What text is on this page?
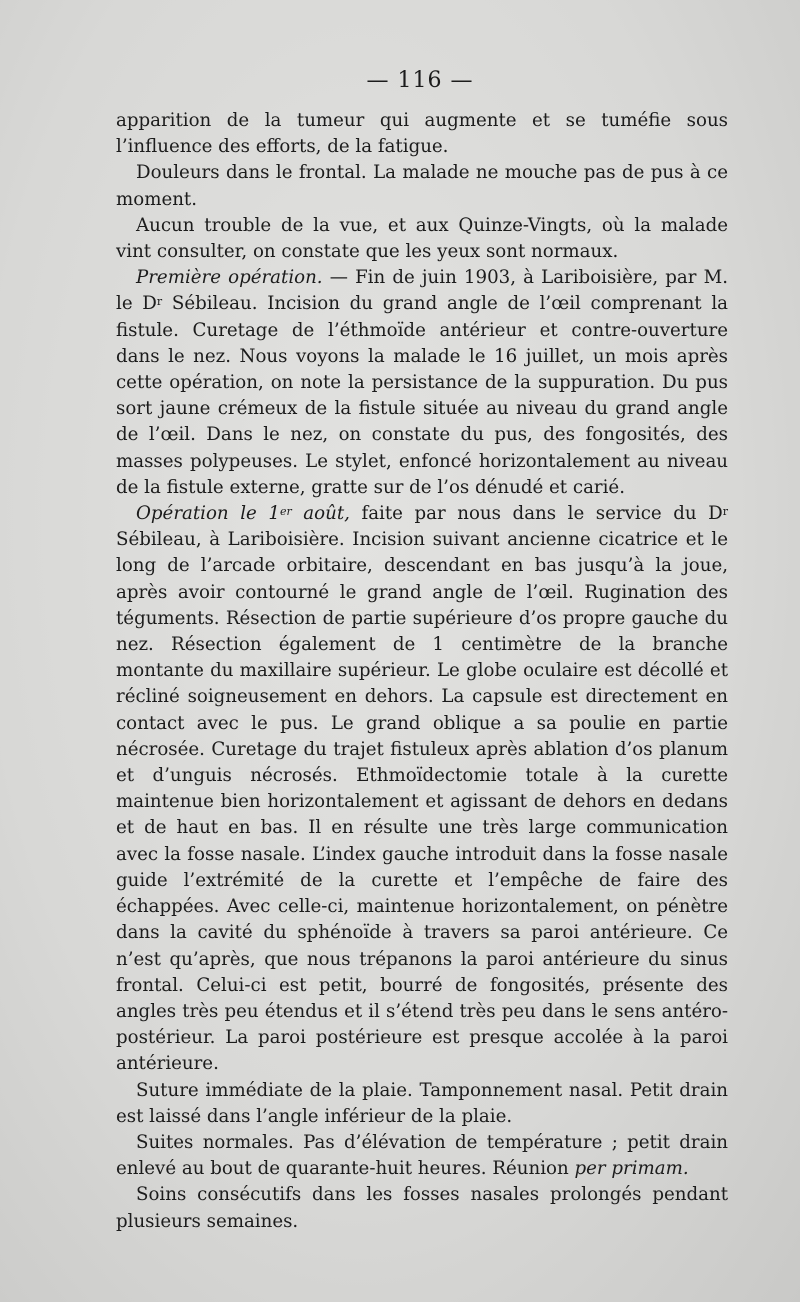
— 116 —

apparition de la tumeur qui augmente et se tuméfie sous l’influence des efforts, de la fatigue.

Douleurs dans le frontal. La malade ne mouche pas de pus à ce moment.

Aucun trouble de la vue, et aux Quinze-Vingts, où la malade vint consulter, on constate que les yeux sont normaux.

Première opération. — Fin de juin 1903, à Lariboisière, par M. le $D^r$ Sébileau. Incision du grand angle de l’œil comprenant la fistule. Curetage de l’éthmoïde antérieur et contre-ouverture dans le nez. Nous voyons la malade le 16 juillet, un mois après cette opération, on note la persistance de la suppuration. Du pus sort jaune crémeux de la fistule située au niveau du grand angle de l’œil. Dans le nez, on constate du pus, des fongosités, des masses polypeuses. Le stylet, enfoncé horizontalement au niveau de la fistule externe, gratte sur de l’os dénudé et carié.

Opération le 1er août, faite par nous dans le service du $D^r$ Sébileau, à Lariboisière. Incision suivant ancienne cicatrice et le long de l’arcade orbitaire, descendant en bas jusqu’à la joue, après avoir contourné le grand angle de l’œil. Rugination des téguments. Résection de partie supérieure d’os propre gauche du nez. Résection également de 1 centimètre de la branche montante du maxillaire supérieur. Le globe oculaire est décollé et récliné soigneusement en dehors. La capsule est directement en contact avec le pus. Le grand oblique a sa poulie en partie nécrosée. Curetage du trajet fistuleux après ablation d’os planum et d’unguis nécrosés. Ethmoïdectomie totale à la curette maintenue bien horizontalement et agissant de dehors en dedans et de haut en bas. Il en résulte une très large communication avec la fosse nasale. L’index gauche introduit dans la fosse nasale guide l’extrémité de la curette et l’empêche de faire des échappées. Avec celle-ci, maintenue horizontalement, on pénètre dans la cavité du sphénoïde à travers sa paroi antérieure. Ce n’est qu’après, que nous trépanons la paroi antérieure du sinus frontal. Celui-ci est petit, bourré de fongosités, présente des angles très peu étendus et il s’étend très peu dans le sens antéro-postérieur. La paroi postérieure est presque accolée à la paroi antérieure.

Suture immédiate de la plaie. Tamponnement nasal. Petit drain est laissé dans l’angle inférieur de la plaie.

Suites normales. Pas d’élévation de température ; petit drain enlevé au bout de quarante-huit heures. Réunion per primam.

Soins consécutifs dans les fosses nasales prolongés pendant plusieurs semaines.
